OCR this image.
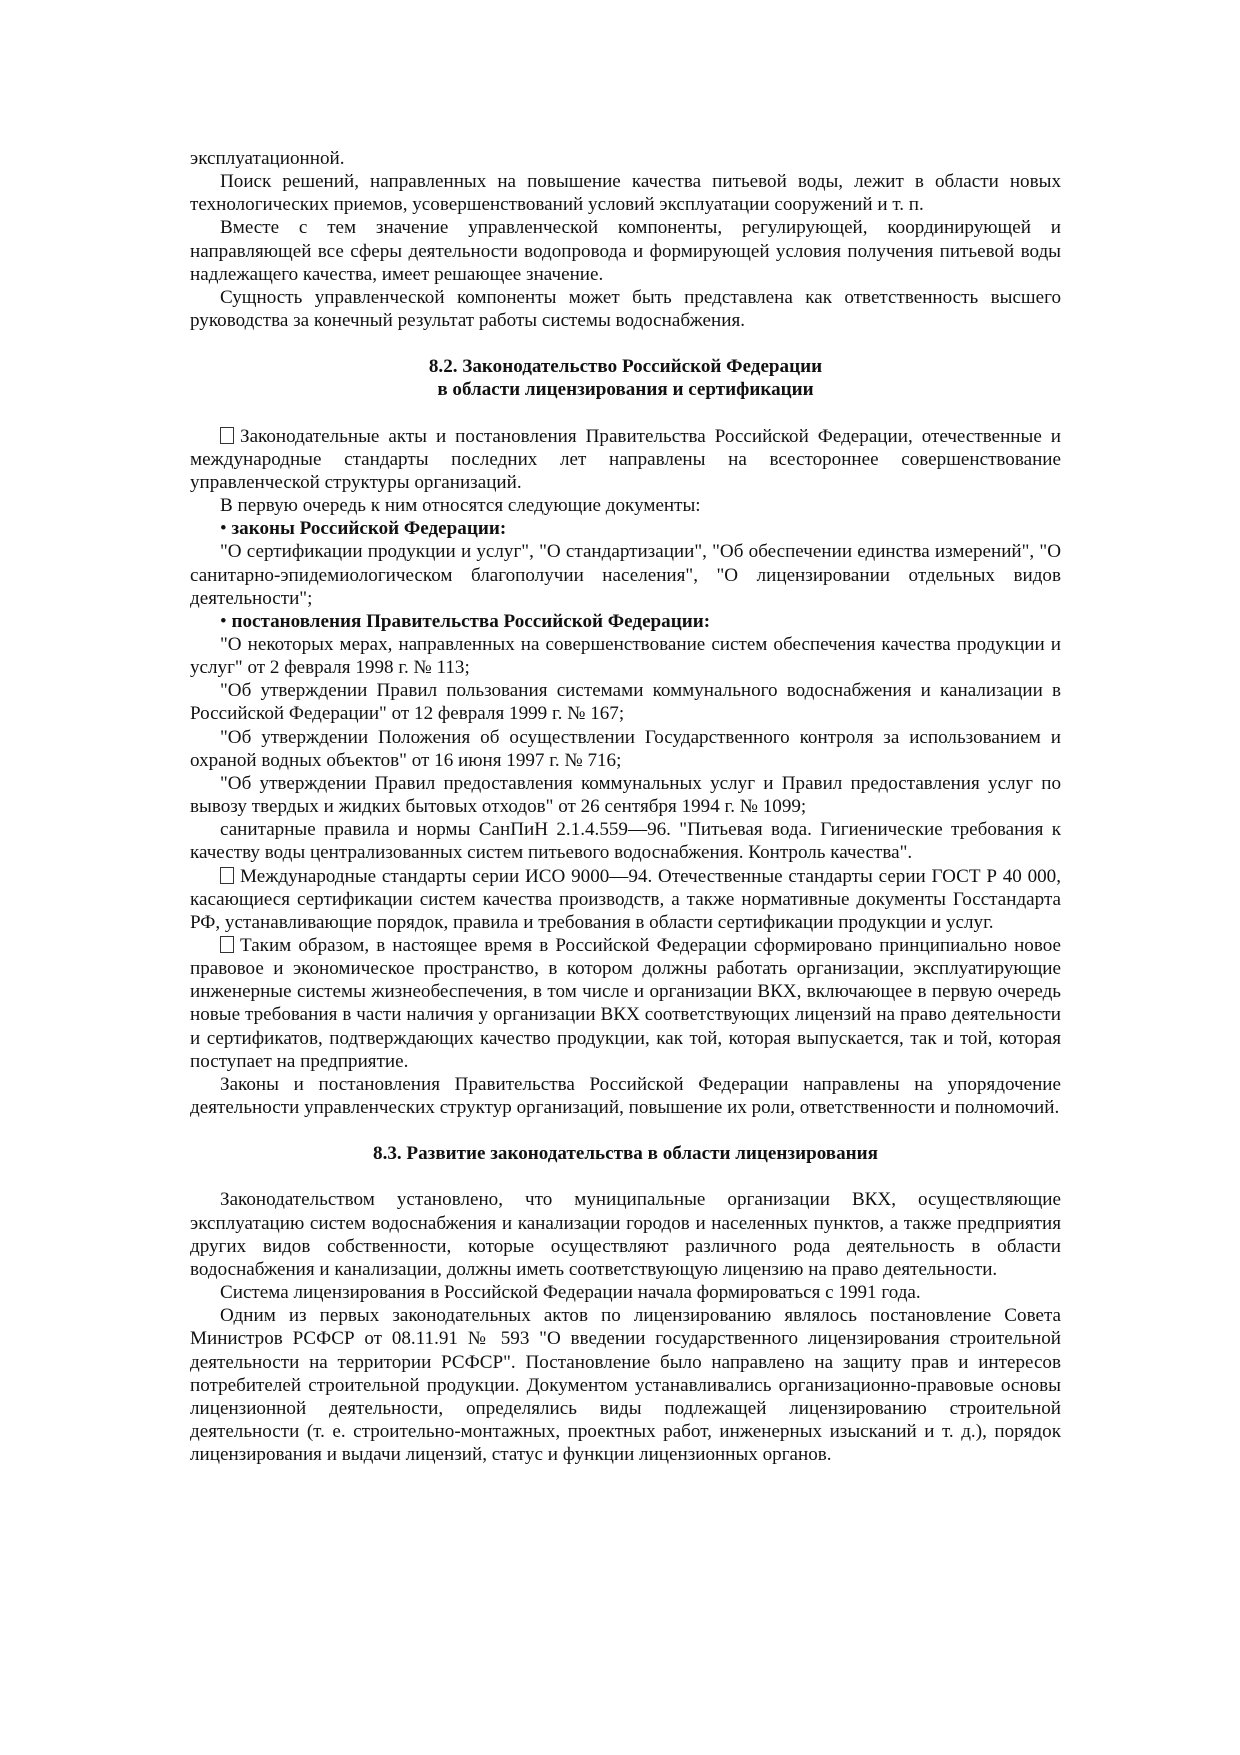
эксплуатационной.

Поиск решений, направленных на повышение качества питьевой воды, лежит в области новых технологических приемов, усовершенствований условий эксплуатации сооружений и т. п.

Вместе с тем значение управленческой компоненты, регулирующей, координирующей и направляющей все сферы деятельности водопровода и формирующей условия получения питьевой воды надлежащего качества, имеет решающее значение.

Сущность управленческой компоненты может быть представлена как ответственность высшего руководства за конечный результат работы системы водоснабжения.

8.2. Законодательство Российской Федерации

в области лицензирования и сертификации

Законодательные акты и постановления Правительства Российской Федерации, отечественные и международные стандарты последних лет направлены на всестороннее совершенствование управленческой структуры организаций.

В первую очередь к ним относятся следующие документы:

• законы Российской Федерации:

"О сертификации продукции и услуг", "О стандартизации", "Об обеспечении единства измерений", "О санитарно-эпидемиологическом благополучии населения", "О лицензировании отдельных видов деятельности";

• постановления Правительства Российской Федерации:

"О некоторых мерах, направленных на совершенствование систем обеспечения качества продукции и услуг" от 2 февраля 1998 г. № 113;

"Об утверждении Правил пользования системами коммунального водоснабжения и канализации в Российской Федерации" от 12 февраля 1999 г. № 167;

"Об утверждении Положения об осуществлении Государственного контроля за использованием и охраной водных объектов" от 16 июня 1997 г. № 716;

"Об утверждении Правил предоставления коммунальных услуг и Правил предоставления услуг по вывозу твердых и жидких бытовых отходов" от 26 сентября 1994 г. № 1099;

санитарные правила и нормы СанПиН 2.1.4.559—96. "Питьевая вода. Гигиенические требования к качеству воды централизованных систем питьевого водоснабжения. Контроль качества".

Международные стандарты серии ИСО 9000—94. Отечественные стандарты серии ГОСТ Р 40 000, касающиеся сертификации систем качества производств, а также нормативные документы Госстандарта РФ, устанавливающие порядок, правила и требования в области сертификации продукции и услуг.

Таким образом, в настоящее время в Российской Федерации сформировано принципиально новое правовое и экономическое пространство, в котором должны работать организации, эксплуатирующие инженерные системы жизнеобеспечения, в том числе и организации ВКХ, включающее в первую очередь новые требования в части наличия у организации ВКХ соответствующих лицензий на право деятельности и сертификатов, подтверждающих качество продукции, как той, которая выпускается, так и той, которая поступает на предприятие.

Законы и постановления Правительства Российской Федерации направлены на упорядочение деятельности управленческих структур организаций, повышение их роли, ответственности и полномочий.

8.3. Развитие законодательства в области лицензирования

Законодательством установлено, что муниципальные организации ВКХ, осуществляющие эксплуатацию систем водоснабжения и канализации городов и населенных пунктов, а также предприятия других видов собственности, которые осуществляют различного рода деятельность в области водоснабжения и канализации, должны иметь соответствующую лицензию на право деятельности.

Система лицензирования в Российской Федерации начала формироваться с 1991 года.

Одним из первых законодательных актов по лицензированию являлось постановление Совета Министров РСФСР от 08.11.91 № 593 "О введении государственного лицензирования строительной деятельности на территории РСФСР". Постановление было направлено на защиту прав и интересов потребителей строительной продукции. Документом устанавливались организационно-правовые основы лицензионной деятельности, определялись виды подлежащей лицензированию строительной деятельности (т. е. строительно-монтажных, проектных работ, инженерных изысканий и т. д.), порядок лицензирования и выдачи лицензий, статус и функции лицензионных органов.
